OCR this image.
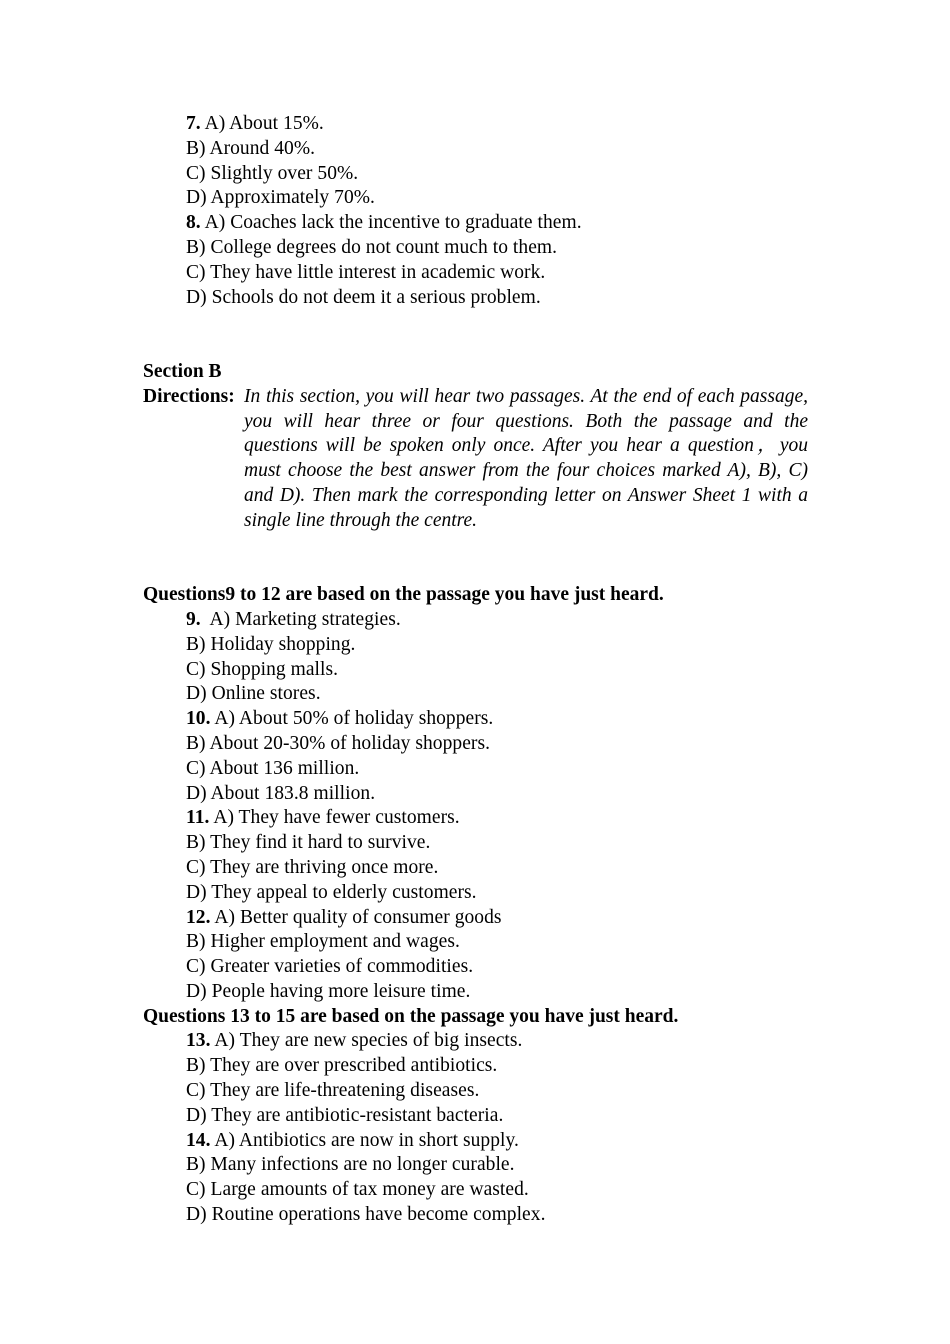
7. A) About 15%.
B) Around 40%.
C) Slightly over 50%.
D) Approximately 70%.
8. A) Coaches lack the incentive to graduate them.
B) College degrees do not count much to them.
C) They have little interest in academic work.
D) Schools do not deem it a serious problem.
Section B
Directions: In this section, you will hear two passages. At the end of each passage, you will hear three or four questions. Both the passage and the questions will be spoken only once. After you hear a question，you must choose the best answer from the four choices marked A), B), C) and D). Then mark the corresponding letter on Answer Sheet 1 with a single line through the centre.
Questions9 to 12 are based on the passage you have just heard.
9.  A) Marketing strategies.
B) Holiday shopping.
C) Shopping malls.
D) Online stores.
10. A) About 50% of holiday shoppers.
B) About 20-30% of holiday shoppers.
C) About 136 million.
D) About 183.8 million.
11. A) They have fewer customers.
B) They find it hard to survive.
C) They are thriving once more.
D) They appeal to elderly customers.
12. A) Better quality of consumer goods
B) Higher employment and wages.
C) Greater varieties of commodities.
D) People having more leisure time.
Questions 13 to 15 are based on the passage you have just heard.
13. A) They are new species of big insects.
B) They are over prescribed antibiotics.
C) They are life-threatening diseases.
D) They are antibiotic-resistant bacteria.
14. A) Antibiotics are now in short supply.
B) Many infections are no longer curable.
C) Large amounts of tax money are wasted.
D) Routine operations have become complex.
